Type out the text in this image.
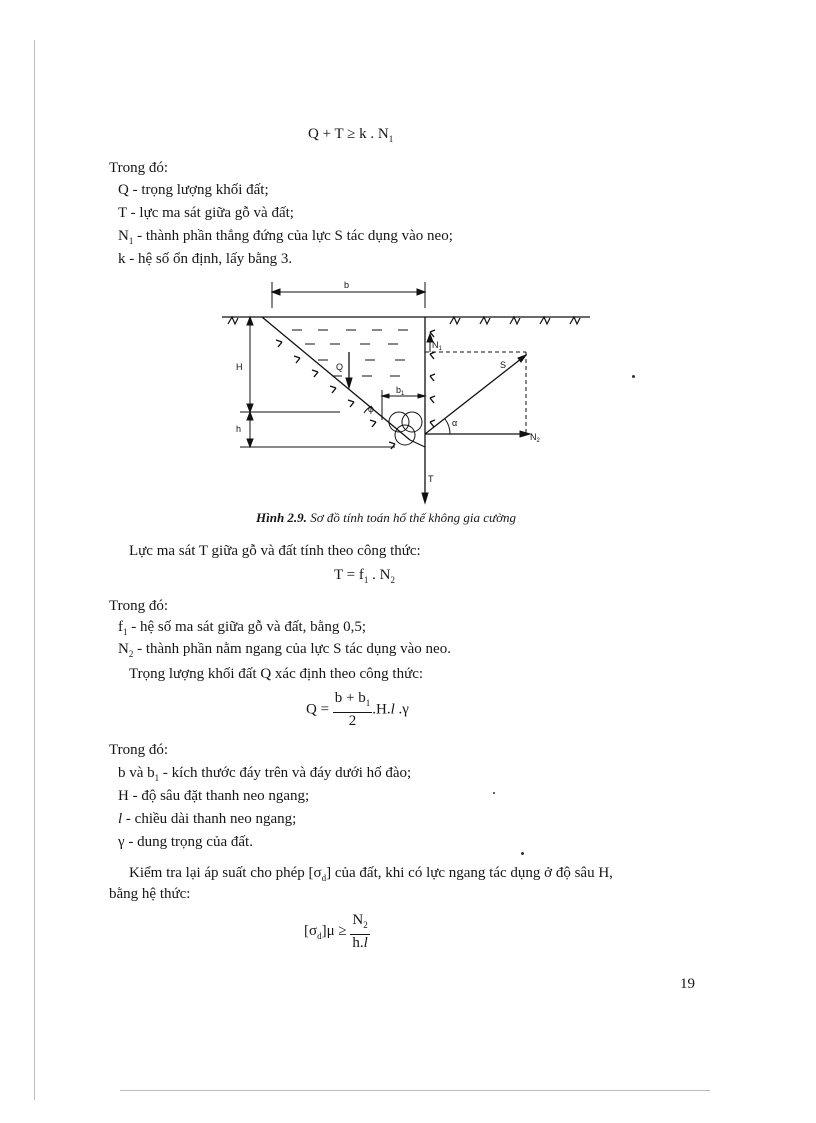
Q + T ≥ k . $N_1$
Trong đó:
Q - trọng lượng khối đất;
T - lực ma sát giữa gỗ và đất;
$N_1$ - thành phần thẳng đứng của lực S tác dụng vào neo;
k - hệ số ổn định, lấy bằng 3.
b
H
h
Q
T
S
φ
α
$b_1$
$N_1$
$N_2$
Hình 2.9. Sơ đồ tính toán hố thế không gia cường
Lực ma sát T giữa gỗ và đất tính theo công thức:
$T = f_1$ . $N_2$
Trong đó:
$f_1$ - hệ số ma sát giữa gỗ và đất, bằng 0,5;
$N_2$ - thành phần nằm ngang của lực S tác dụng vào neo.
Trọng lượng khối đất Q xác định theo công thức:
$Q = \frac{b + b_1}{2} .H.l$ .γ
Trong đó:
b và $b_1$ - kích thước đáy trên và đáy dưới hố đào;
H - độ sâu đặt thanh neo ngang;
l - chiều dài thanh neo ngang;
γ - dung trọng của đất.
Kiểm tra lại áp suất cho phép $[\sigma_d]$ của đất, khi có lực ngang tác dụng ở độ sâu H,
bằng hệ thức:
$[\sigma_d]\mu \ge \frac{N_2}{h.l}$
19
